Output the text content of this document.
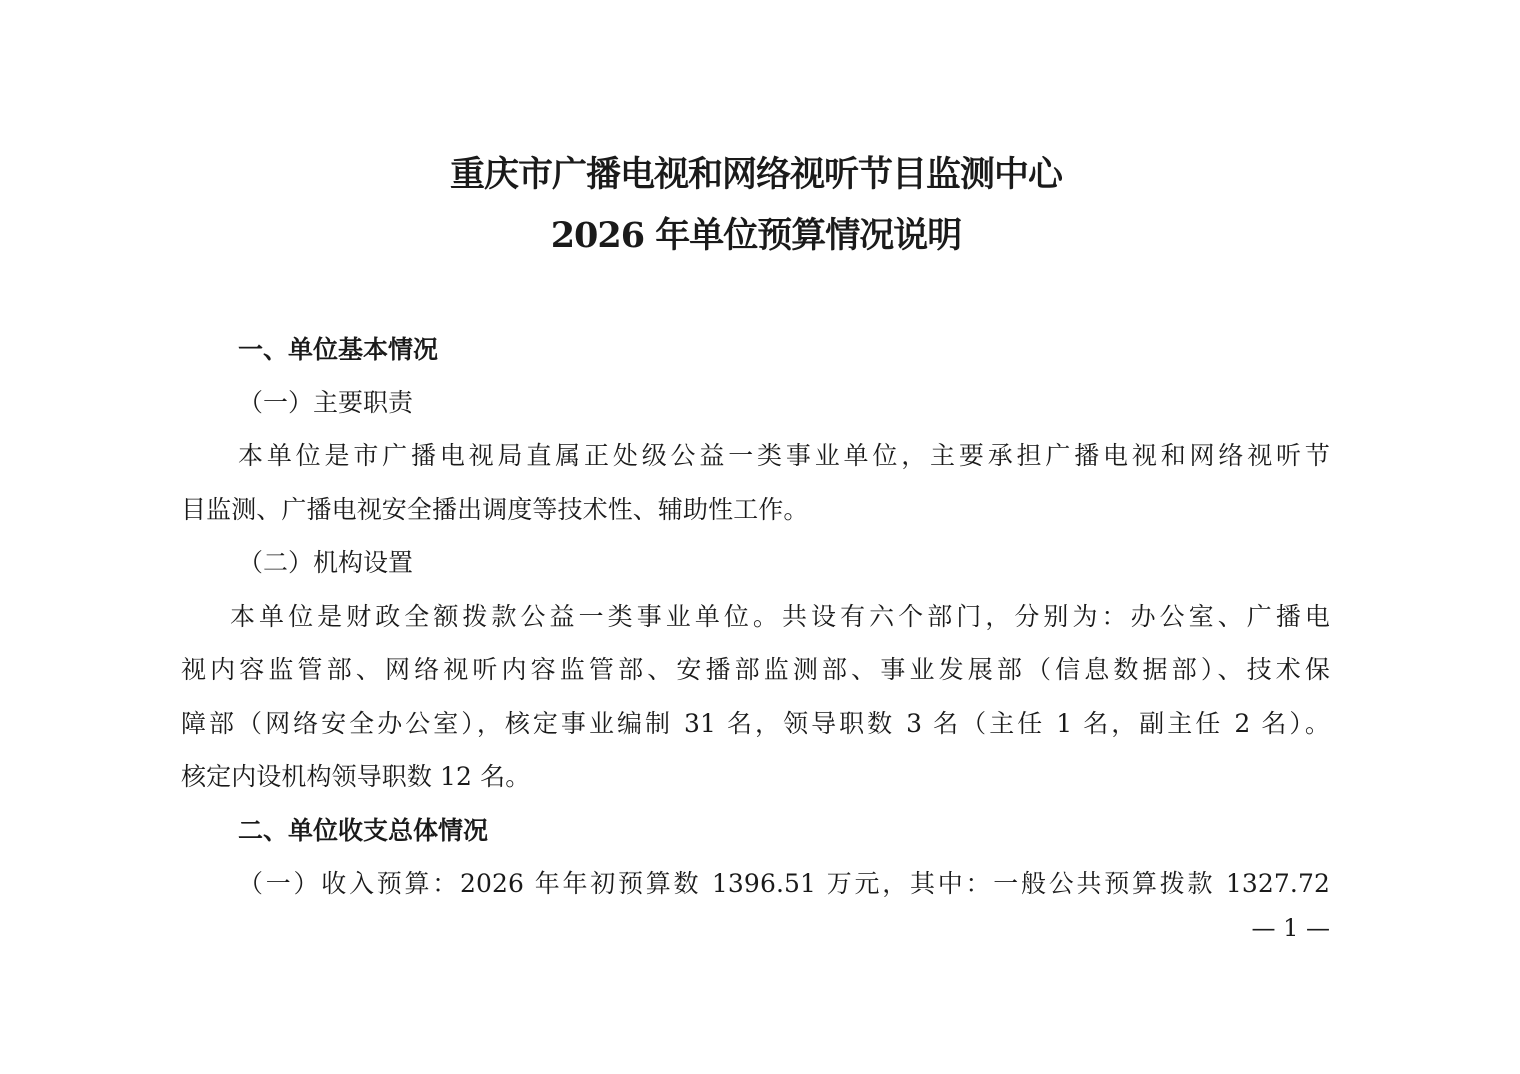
重庆市广播电视和网络视听节目监测中心
2026 年单位预算情况说明
一、单位基本情况
（一）主要职责
本单位是市广播电视局直属正处级公益一类事业单位，主要承担广播电视和网络视听节
目监测、广播电视安全播出调度等技术性、辅助性工作。
（二）机构设置
本单位是财政全额拨款公益一类事业单位。共设有六个部门，分别为：办公室、广播电
视内容监管部、网络视听内容监管部、安播部监测部、事业发展部（信息数据部）、技术保
障部（网络安全办公室），核定事业编制 31 名，领导职数 3 名（主任 1 名，副主任 2 名）。
核定内设机构领导职数 12 名。
二、单位收支总体情况
（一）收入预算：2026 年年初预算数 1396.51 万元，其中：一般公共预算拨款 1327.72
— 1 —
